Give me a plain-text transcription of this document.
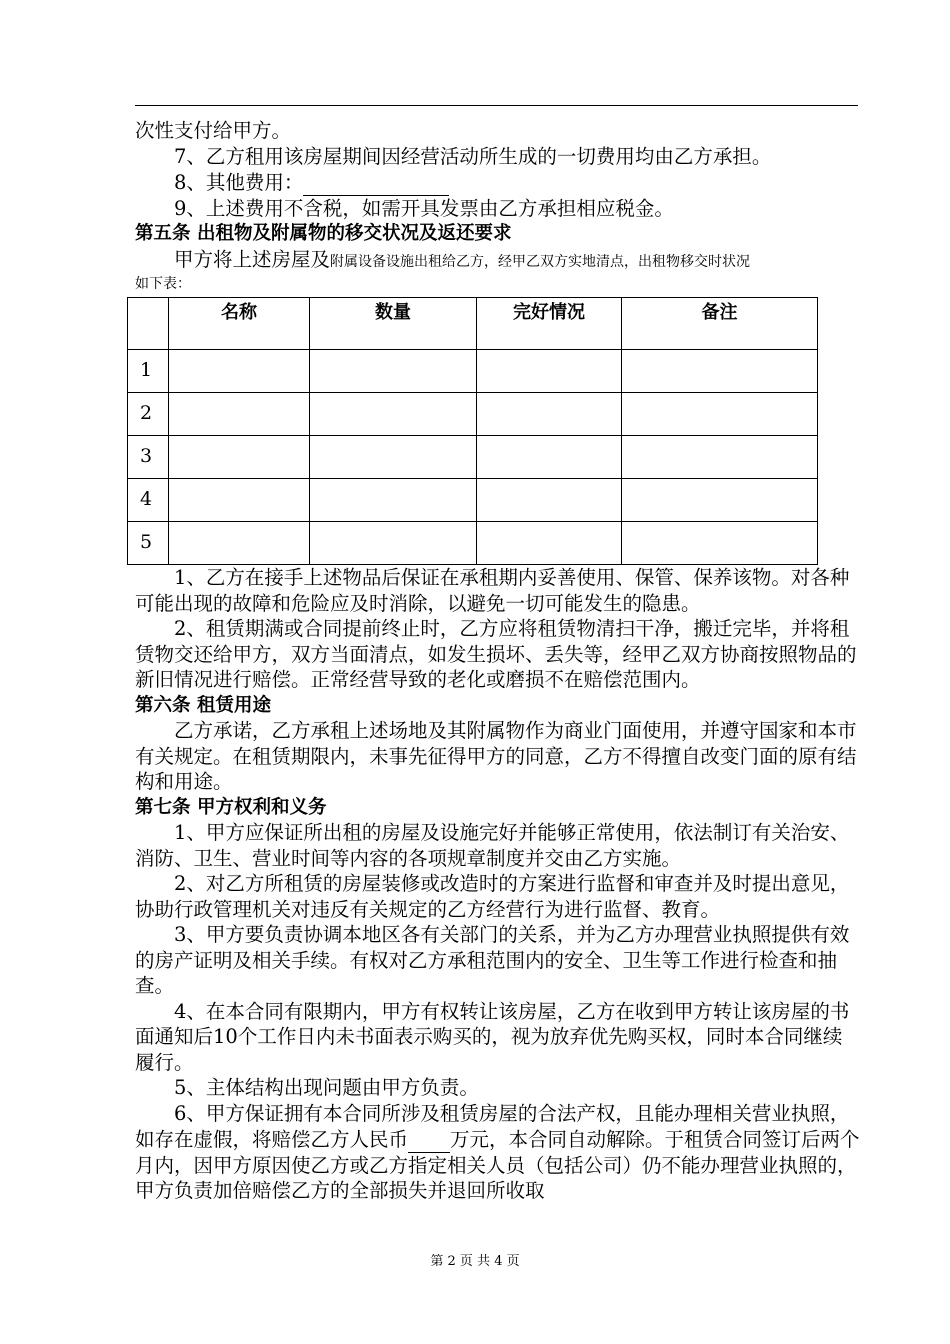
次性支付给甲方。

7、乙方租用该房屋期间因经营活动所生成的一切费用均由乙方承担。

8、其他费用：

9、上述费用不含税，如需开具发票由乙方承担相应税金。

第五条 出租物及附属物的移交状况及返还要求

甲方将上述房屋及附属设备设施出租给乙方，经甲乙双方实地清点，出租物移交时状况

如下表：

	名称	数量	完好情况	备注
1				
2				
3				
4				
5				

1、乙方在接手上述物品后保证在承租期内妥善使用、保管、保养该物。对各种可能出现的故障和危险应及时消除，以避免一切可能发生的隐患。

2、租赁期满或合同提前终止时，乙方应将租赁物清扫干净，搬迁完毕，并将租赁物交还给甲方，双方当面清点，如发生损坏、丢失等，经甲乙双方协商按照物品的新旧情况进行赔偿。正常经营导致的老化或磨损不在赔偿范围内。

第六条 租赁用途

乙方承诺，乙方承租上述场地及其附属物作为商业门面使用，并遵守国家和本市有关规定。在租赁期限内，未事先征得甲方的同意，乙方不得擅自改变门面的原有结构和用途。

第七条 甲方权利和义务

1、甲方应保证所出租的房屋及设施完好并能够正常使用，依法制订有关治安、消防、卫生、营业时间等内容的各项规章制度并交由乙方实施。

2、对乙方所租赁的房屋装修或改造时的方案进行监督和审查并及时提出意见，协助行政管理机关对违反有关规定的乙方经营行为进行监督、教育。

3、甲方要负责协调本地区各有关部门的关系，并为乙方办理营业执照提供有效的房产证明及相关手续。有权对乙方承租范围内的安全、卫生等工作进行检查和抽查。

4、在本合同有限期内，甲方有权转让该房屋，乙方在收到甲方转让该房屋的书面通知后10个工作日内未书面表示购买的，视为放弃优先购买权，同时本合同继续履行。

5、主体结构出现问题由甲方负责。

6、甲方保证拥有本合同所涉及租赁房屋的合法产权，且能办理相关营业执照，如存在虚假，将赔偿乙方人民币 万元，本合同自动解除。于租赁合同签订后两个月内，因甲方原因使乙方或乙方指定相关人员（包括公司）仍不能办理营业执照的，甲方负责加倍赔偿乙方的全部损失并退回所收取

第 2 页 共 4 页
